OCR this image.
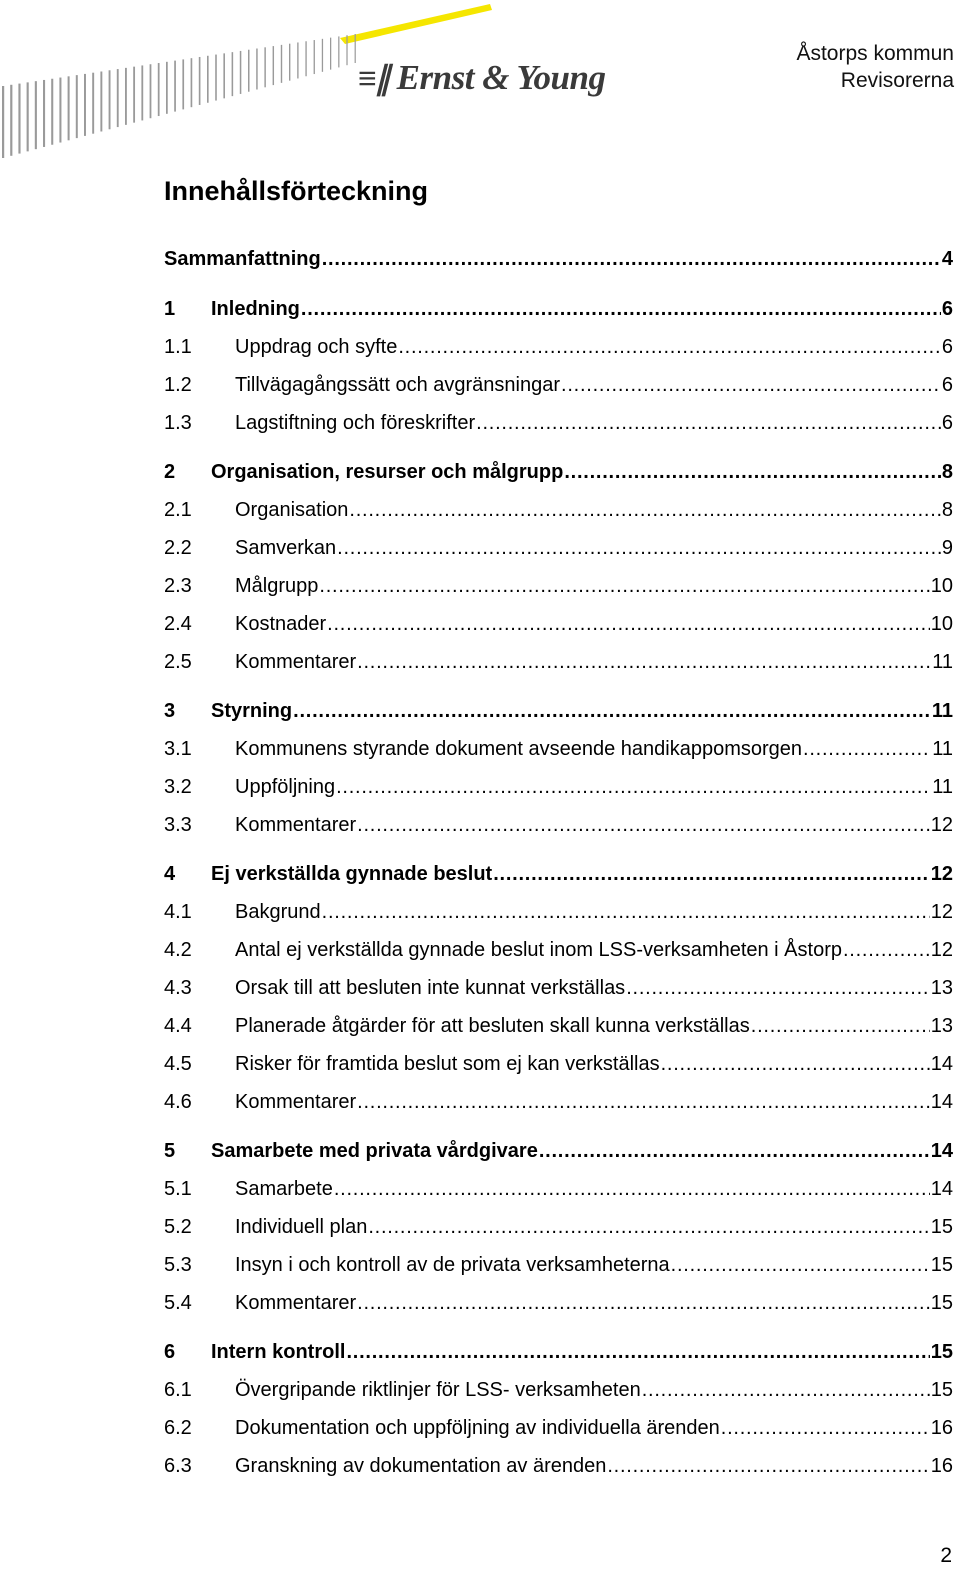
≡∥ Ernst & Young
Åstorps kommun
Revisorerna
Innehållsförteckning
Sammanfattning . . .	4
1	Inledning . . .	6
1.1	Uppdrag och syfte . . .	6
1.2	Tillvägagångssätt och avgränsningar . . .	6
1.3	Lagstiftning och föreskrifter . . .	6
2	Organisation, resurser och målgrupp . . .	8
2.1	Organisation . . .	8
2.2	Samverkan . . .	9
2.3	Målgrupp . . .	10
2.4	Kostnader . . .	10
2.5	Kommentarer . . .	11
3	Styrning . . .	11
3.1	Kommunens styrande dokument avseende handikappomsorgen . . .	11
3.2	Uppföljning . . .	11
3.3	Kommentarer . . .	12
4	Ej verkställda gynnade beslut . . .	12
4.1	Bakgrund . . .	12
4.2	Antal ej verkställda gynnade beslut inom LSS-verksamheten i Åstorp . . .	12
4.3	Orsak till att besluten inte kunnat verkställas . . .	13
4.4	Planerade åtgärder för att besluten skall kunna verkställas . . .	13
4.5	Risker för framtida beslut som ej kan verkställas . . .	14
4.6	Kommentarer . . .	14
5	Samarbete med privata vårdgivare . . .	14
5.1	Samarbete . . .	14
5.2	Individuell plan . . .	15
5.3	Insyn i och kontroll av de privata verksamheterna . . .	15
5.4	Kommentarer . . .	15
6	Intern kontroll . . .	15
6.1	Övergripande riktlinjer för LSS- verksamheten . . .	15
6.2	Dokumentation och uppföljning av individuella ärenden . . .	16
6.3	Granskning av dokumentation av ärenden . . .	16
2
